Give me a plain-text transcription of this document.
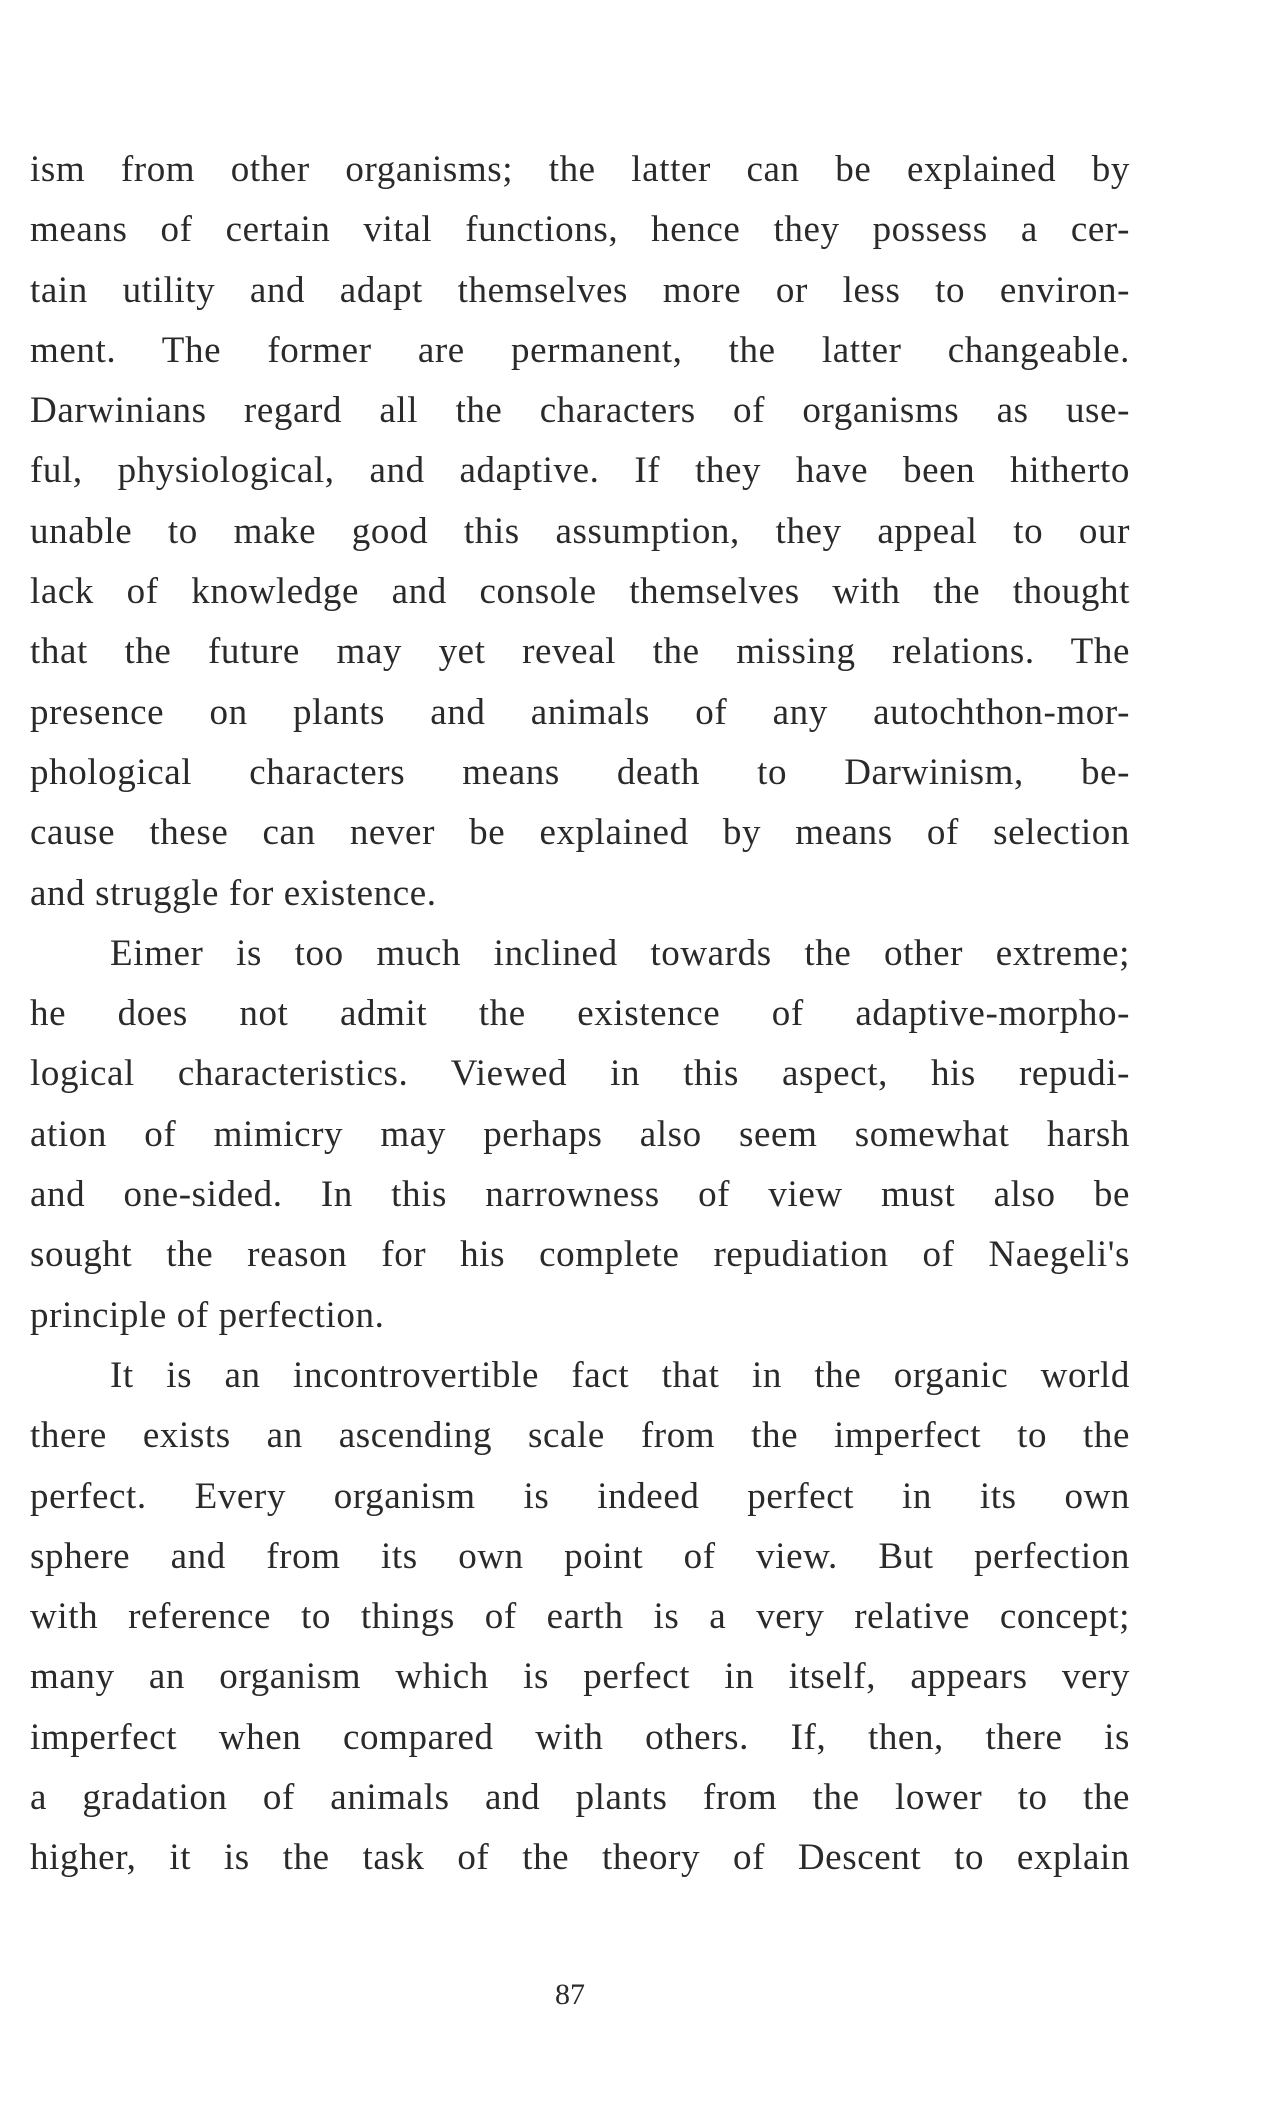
ism from other organisms; the latter can be explained by
means of certain vital functions, hence they possess a cer-
tain utility and adapt themselves more or less to environ-
ment. The former are permanent, the latter changeable.
Darwinians regard all the characters of organisms as use-
ful, physiological, and adaptive. If they have been hitherto
unable to make good this assumption, they appeal to our
lack of knowledge and console themselves with the thought
that the future may yet reveal the missing relations. The
presence on plants and animals of any autochthon-mor-
phological characters means death to Darwinism, be-
cause these can never be explained by means of selection
and struggle for existence.
Eimer is too much inclined towards the other extreme;
he does not admit the existence of adaptive-morpho-
logical characteristics. Viewed in this aspect, his repudi-
ation of mimicry may perhaps also seem somewhat harsh
and one-sided. In this narrowness of view must also be
sought the reason for his complete repudiation of Naegeli's
principle of perfection.
It is an incontrovertible fact that in the organic world
there exists an ascending scale from the imperfect to the
perfect. Every organism is indeed perfect in its own
sphere and from its own point of view. But perfection
with reference to things of earth is a very relative concept;
many an organism which is perfect in itself, appears very
imperfect when compared with others. If, then, there is
a gradation of animals and plants from the lower to the
higher, it is the task of the theory of Descent to explain
87
